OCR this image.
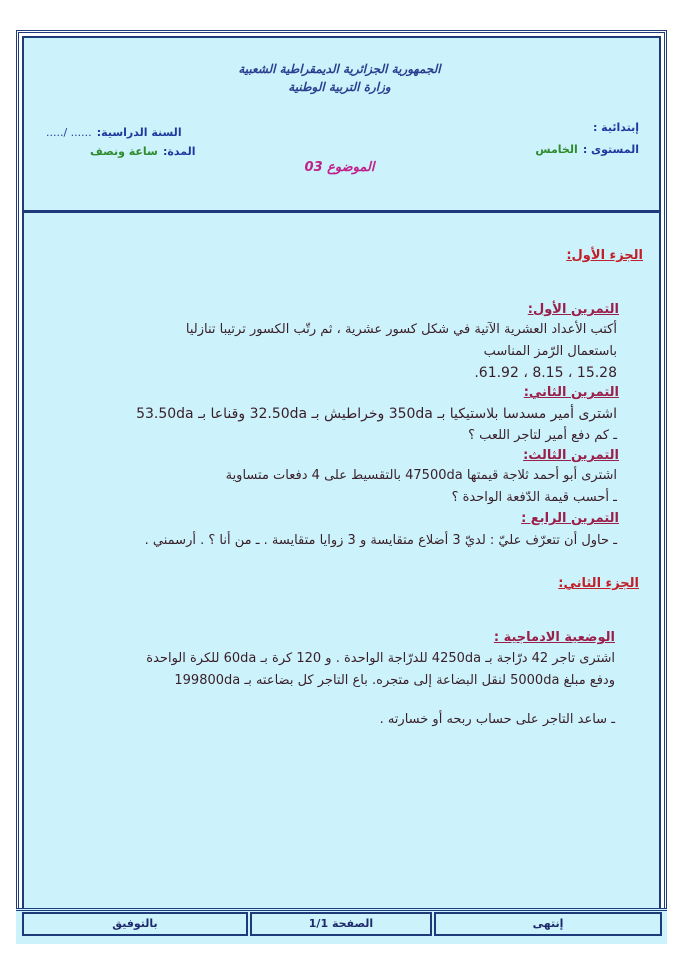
الجمهورية الجزائرية الديمقراطية الشعبية
وزارة التربية الوطنية
إبتدائية :
المستوى : الخامس
السنة الدراسية: ...... /.....
المدة: ساعة ونصف
الموضوع 03
الجزء الأول:
التمرين الأول:
أكتب الأعداد العشرية الآتية في شكل كسور عشرية ، ثم رتّب الكسور ترتيبا تنازليا
باستعمال الرّمز المناسب
15.28 ، 8.15 ، 61.92.
التمرين الثاني:
اشترى أمير مسدسا بلاستيكيا بـ 350da وخراطيش بـ 32.50da وقناعا بـ 53.50da
ـ كم دفع أمير لتاجر اللعب ؟
التمرين الثالث:
اشترى أبو أحمد ثلاجة قيمتها 47500da بالتقسيط على 4 دفعات متساوية
ـ أحسب قيمة الدّفعة الواحدة ؟
التمرين الرابع :
ـ حاول أن تتعرّف عليّ : لديّ 3 أضلاع متقايسة و 3 زوايا متقايسة . ـ من أنا ؟ . أرسمني .
الجزء الثاني:
الوضعية الادماجية :
اشترى تاجر 42 درّاجة بـ 4250da للدرّاجة الواحدة . و 120 كرة بـ 60da للكرة الواحدة
ودفع مبلغ 5000da لنقل البضاعة إلى متجره. باع التاجر كل بضاعته بـ 199800da
ـ ساعد التاجر على حساب ربحه أو خسارته .
إنتهى
الصفحة 1/1
بالتوفيق
